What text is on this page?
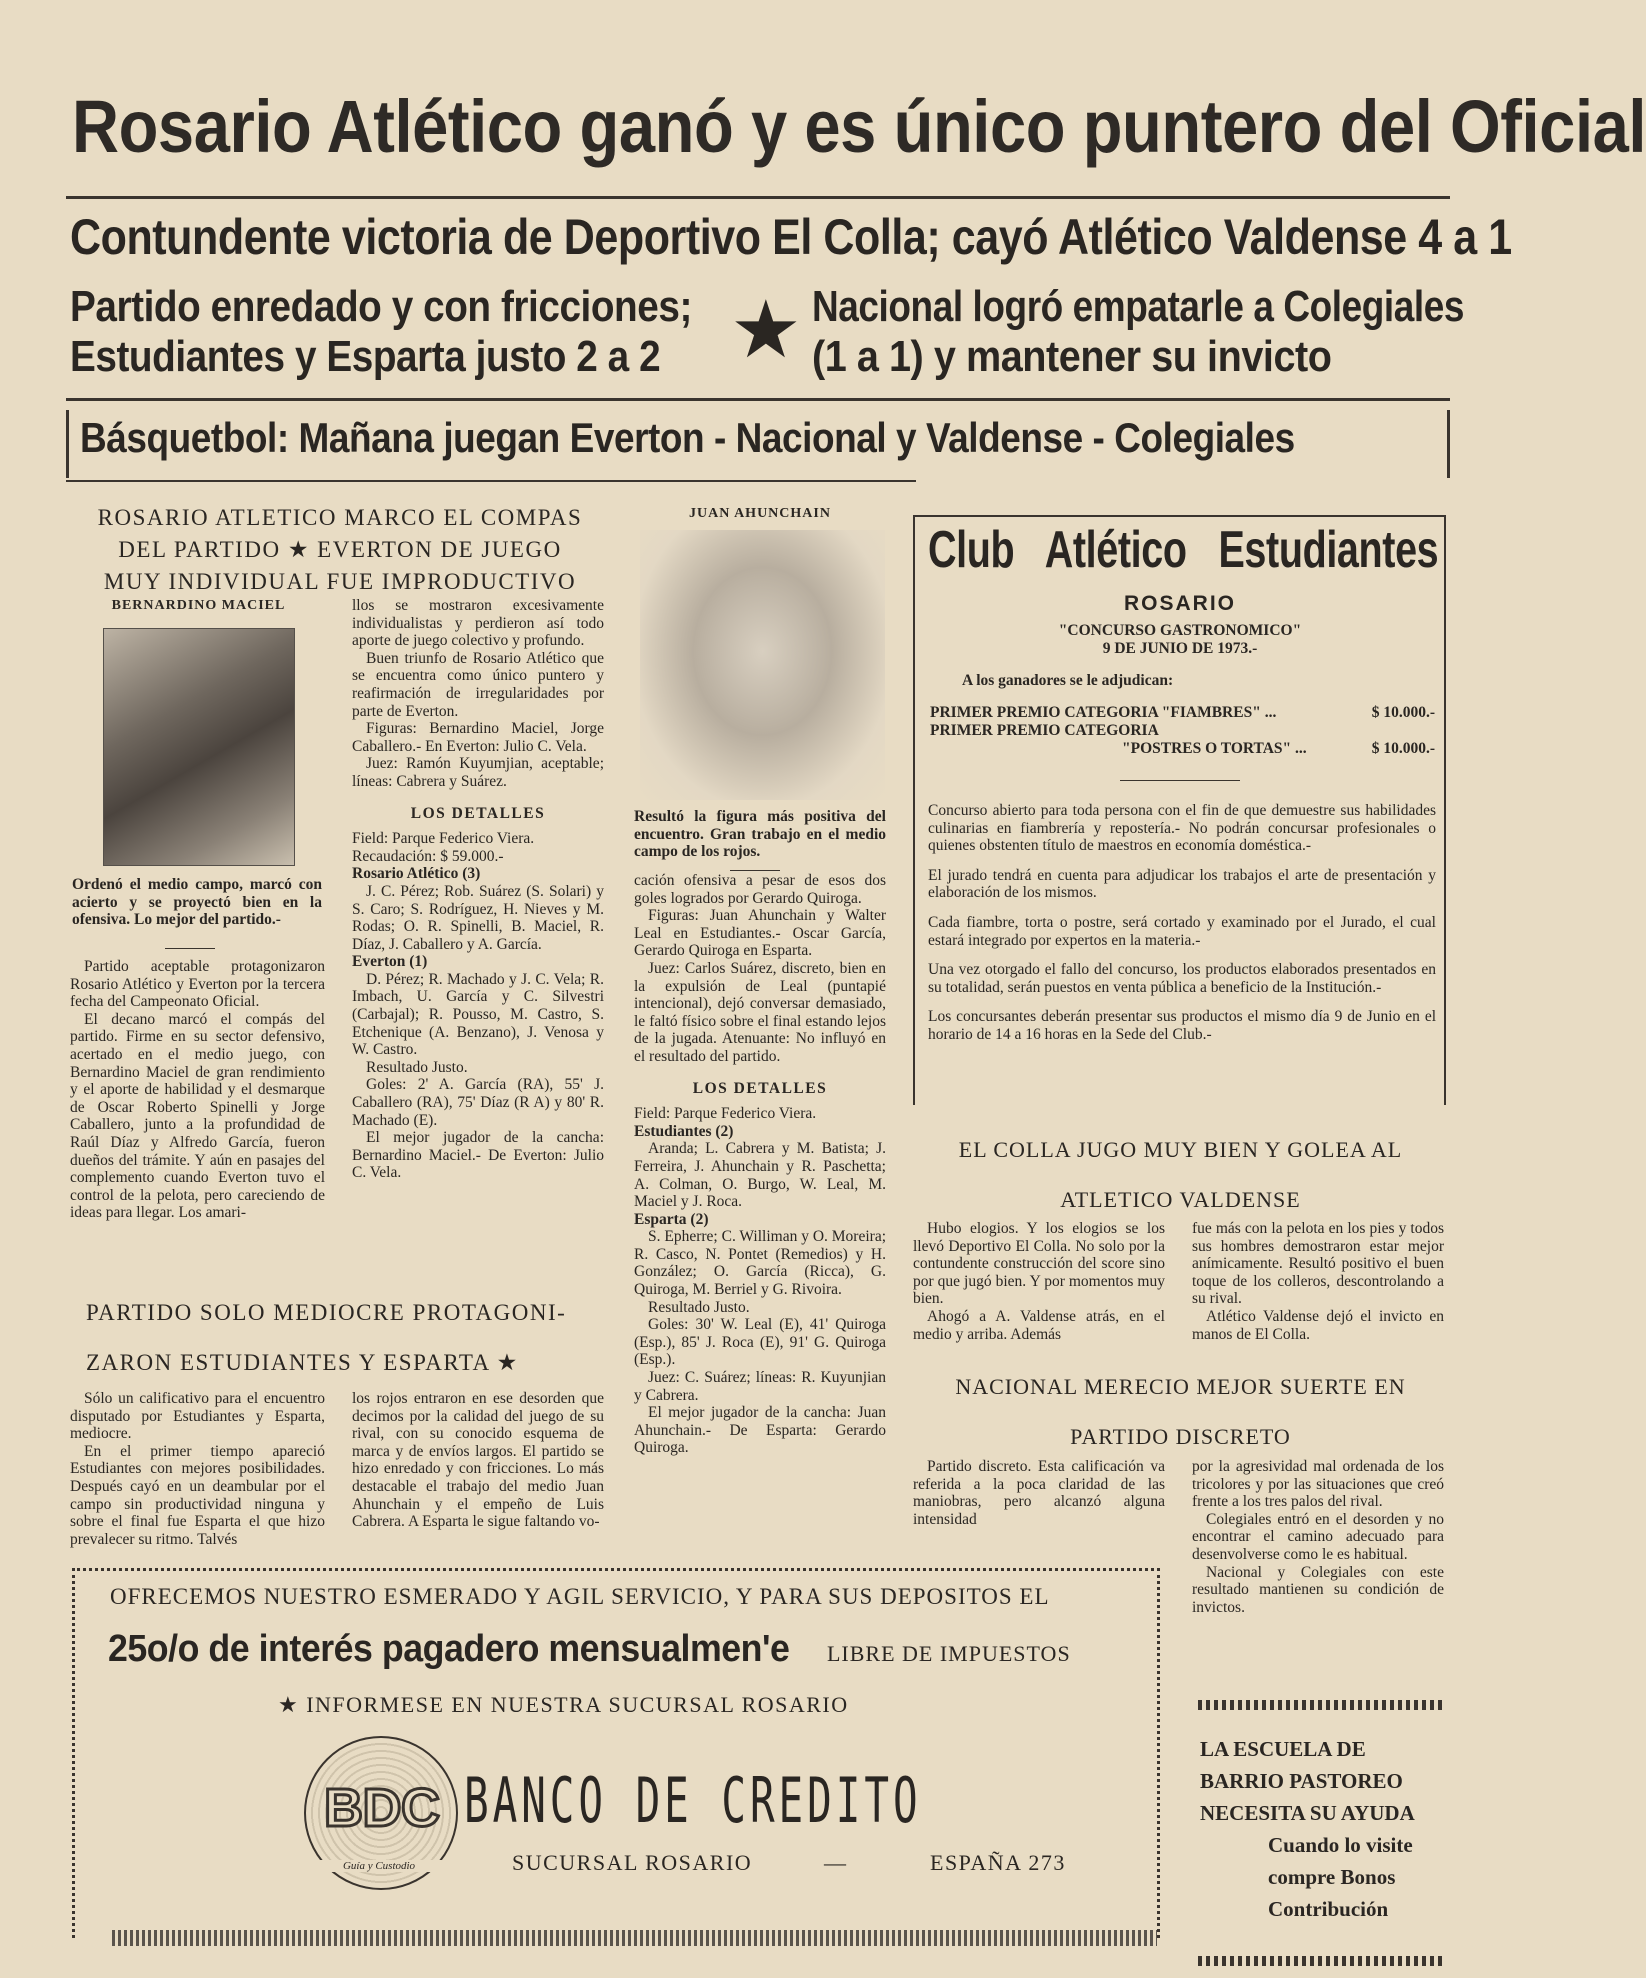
Rosario Atlético ganó y es único puntero del Oficial
Contundente victoria de Deportivo El Colla; cayó Atlético Valdense 4 a 1
Partido enredado y con fricciones;
Estudiantes y Esparta justo 2 a 2 ★ Nacional logró empatarle a Colegiales
(1 a 1) y mantener su invicto
Básquetbol: Mañana juegan Everton - Nacional y Valdense - Colegiales
ROSARIO ATLETICO MARCO EL COMPAS
DEL PARTIDO ★ EVERTON DE JUEGO
MUY INDIVIDUAL FUE IMPRODUCTIVO
BERNARDINO MACIEL
Ordenó el medio campo, marcó con acierto y se proyectó bien en la ofensiva. Lo mejor del partido.-

Partido aceptable protagonizaron Rosario Atlético y Everton por la tercera fecha del Campeonato Oficial.

El decano marcó el compás del partido. Firme en su sector defensivo, acertado en el medio juego, con Bernardino Maciel de gran rendimiento y el aporte de habilidad y el desmarque de Oscar Roberto Spinelli y Jorge Caballero, junto a la profundidad de Raúl Díaz y Alfredo García, fueron dueños del trámite. Y aún en pasajes del complemento cuando Everton tuvo el control de la pelota, pero careciendo de ideas para llegar. Los amari-

llos se mostraron excesivamente individualistas y perdieron así todo aporte de juego colectivo y profundo.

Buen triunfo de Rosario Atlético que se encuentra como único puntero y reafirmación de irregularidades por parte de Everton.

Figuras: Bernardino Maciel, Jorge Caballero.- En Everton: Julio C. Vela.

Juez: Ramón Kuyumjian, aceptable; líneas: Cabrera y Suárez.

LOS DETALLES

Field: Parque Federico Viera.

Recaudación: $ 59.000.-

Rosario Atlético (3)

J. C. Pérez; Rob. Suárez (S. Solari) y S. Caro; S. Rodríguez, H. Nieves y M. Rodas; O. R. Spinelli, B. Maciel, R. Díaz, J. Caballero y A. García.

Everton (1)

D. Pérez; R. Machado y J. C. Vela; R. Imbach, U. García y C. Silvestri (Carbajal); R. Pousso, M. Castro, S. Etchenique (A. Benzano), J. Venosa y W. Castro.

Resultado Justo.

Goles: 2' A. García (RA), 55' J. Caballero (RA), 75' Díaz (R A) y 80' R. Machado (E).

El mejor jugador de la cancha: Bernardino Maciel.- De Everton: Julio C. Vela.

JUAN AHUNCHAIN
Resultó la figura más positiva del encuentro. Gran trabajo en el medio campo de los rojos.

cación ofensiva a pesar de esos dos goles logrados por Gerardo Quiroga.

Figuras: Juan Ahunchain y Walter Leal en Estudiantes.- Oscar García, Gerardo Quiroga en Esparta.

Juez: Carlos Suárez, discreto, bien en la expulsión de Leal (puntapié intencional), dejó conversar demasiado, le faltó físico sobre el final estando lejos de la jugada. Atenuante: No influyó en el resultado del partido.

LOS DETALLES

Field: Parque Federico Viera.

Estudiantes (2)

Aranda; L. Cabrera y M. Batista; J. Ferreira, J. Ahunchain y R. Paschetta; A. Colman, O. Burgo, W. Leal, M. Maciel y J. Roca.

Esparta (2)

S. Epherre; C. Williman y O. Moreira; R. Casco, N. Pontet (Remedios) y H. González; O. García (Ricca), G. Quiroga, M. Berriel y G. Rivoira.

Resultado Justo.

Goles: 30' W. Leal (E), 41' Quiroga (Esp.), 85' J. Roca (E), 91' G. Quiroga (Esp.).

Juez: C. Suárez; líneas: R. Kuyunjian y Cabrera.

El mejor jugador de la cancha: Juan Ahunchain.- De Esparta: Gerardo Quiroga.

PARTIDO SOLO MEDIOCRE PROTAGONI-
ZARON ESTUDIANTES Y ESPARTA ★

Sólo un calificativo para el encuentro disputado por Estudiantes y Esparta, mediocre.

En el primer tiempo apareció Estudiantes con mejores posibilidades. Después cayó en un deambular por el campo sin productividad ninguna y sobre el final fue Esparta el que hizo prevalecer su ritmo. Talvés

los rojos entraron en ese desorden que decimos por la calidad del juego de su rival, con su conocido esquema de marca y de envíos largos. El partido se hizo enredado y con fricciones. Lo más destacable el trabajo del medio Juan Ahunchain y el empeño de Luis Cabrera. A Esparta le sigue faltando vo-

Club Atlético Estudiantes
ROSARIO
"CONCURSO GASTRONOMICO"
9 DE JUNIO DE 1973.-
A los ganadores se le adjudican:
PRIMER PREMIO CATEGORIA "FIAMBRES" ...	$ 10.000.-
PRIMER PREMIO CATEGORIA
"POSTRES O TORTAS" ...	$ 10.000.-

Concurso abierto para toda persona con el fin de que demuestre sus habilidades culinarias en fiambrería y repostería.- No podrán concursar profesionales o quienes obstenten título de maestros en economía doméstica.-

El jurado tendrá en cuenta para adjudicar los trabajos el arte de presentación y elaboración de los mismos.

Cada fiambre, torta o postre, será cortado y examinado por el Jurado, el cual estará integrado por expertos en la materia.-

Una vez otorgado el fallo del concurso, los productos elaborados presentados en su totalidad, serán puestos en venta pública a beneficio de la Institución.-

Los concursantes deberán presentar sus productos el mismo día 9 de Junio en el horario de 14 a 16 horas en la Sede del Club.-

EL COLLA JUGO MUY BIEN Y GOLEA AL
ATLETICO VALDENSE

Hubo elogios. Y los elogios se los llevó Deportivo El Colla. No solo por la contundente construcción del score sino por que jugó bien. Y por momentos muy bien.

Ahogó a A. Valdense atrás, en el medio y arriba. Además

fue más con la pelota en los pies y todos sus hombres demostraron estar mejor anímicamente. Resultó positivo el buen toque de los colleros, descontrolando a su rival.

Atlético Valdense dejó el invicto en manos de El Colla.

NACIONAL MERECIO MEJOR SUERTE EN
PARTIDO DISCRETO

Partido discreto. Esta calificación va referida a la poca claridad de las maniobras, pero alcanzó alguna intensidad

por la agresividad mal ordenada de los tricolores y por las situaciones que creó frente a los tres palos del rival.

Colegiales entró en el desorden y no encontrar el camino adecuado para desenvolverse como le es habitual.

Nacional y Colegiales con este resultado mantienen su condición de invictos.

OFRECEMOS NUESTRO ESMERADO Y AGIL SERVICIO, Y PARA SUS DEPOSITOS EL
25o/o de interés pagadero mensualmen'e LIBRE DE IMPUESTOS
★ INFORMESE EN NUESTRA SUCURSAL ROSARIO
BDC
Guía y Custodio
BANCO DE CREDITO
SUCURSAL ROSARIO	—	ESPAÑA 273
LA ESCUELA DE
BARRIO PASTOREO
NECESITA SU AYUDA
Cuando lo visite
compre Bonos
Contribución
